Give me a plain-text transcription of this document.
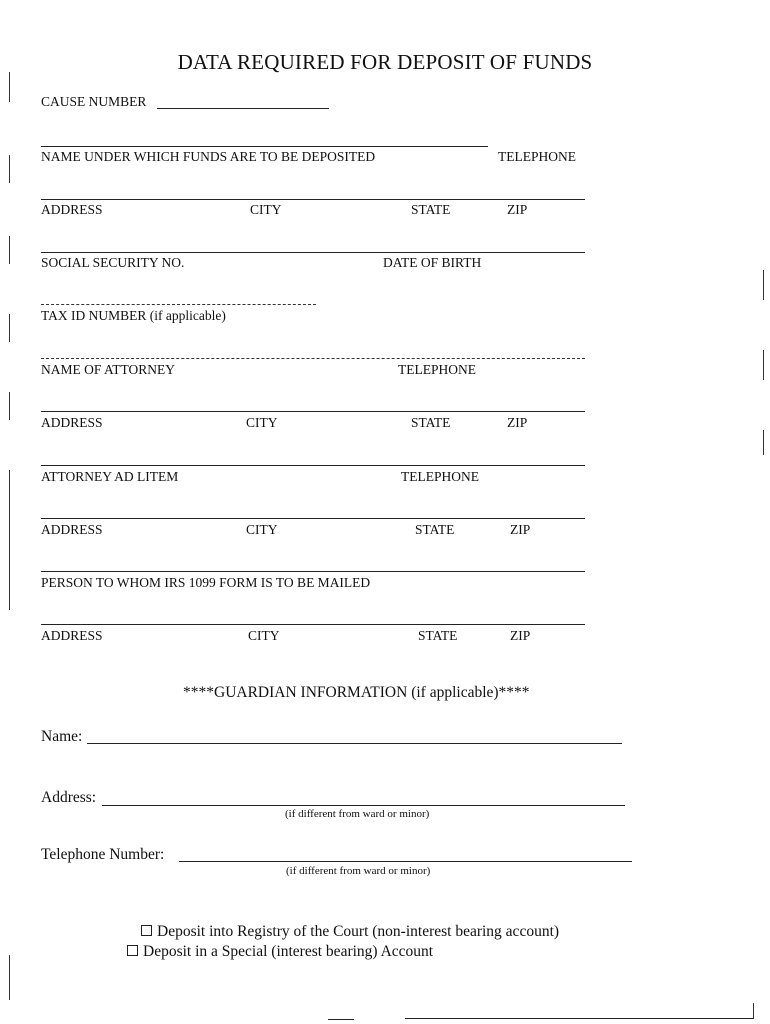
DATA REQUIRED FOR DEPOSIT OF FUNDS
CAUSE NUMBER
NAME UNDER WHICH FUNDS ARE TO BE DEPOSITED	TELEPHONE
ADDRESS	CITY	STATE	ZIP
SOCIAL SECURITY NO.	DATE OF BIRTH
TAX ID NUMBER (if applicable)
NAME OF ATTORNEY	TELEPHONE
ADDRESS	CITY	STATE	ZIP
ATTORNEY AD LITEM	TELEPHONE
ADDRESS	CITY	STATE	ZIP
PERSON TO WHOM IRS 1099 FORM IS TO BE MAILED
ADDRESS	CITY	STATE	ZIP
****GUARDIAN INFORMATION (if applicable)****
Name:
Address:
(if different from ward or minor)
Telephone Number:
(if different from ward or minor)
Deposit into Registry of the Court (non-interest bearing account)
Deposit in a Special (interest bearing) Account
